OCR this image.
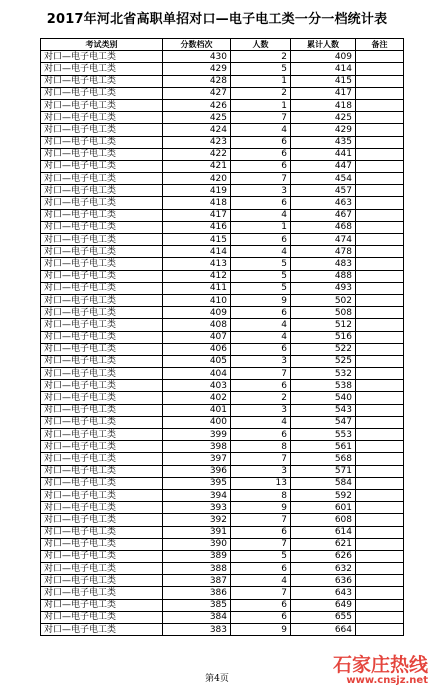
2017年河北省高职单招对口—电子电工类一分一档统计表
考试类别	分数档次	人数	累计人数	备注
对口—电子电工类	430	2	409	
对口—电子电工类	429	5	414	
对口—电子电工类	428	1	415	
对口—电子电工类	427	2	417	
对口—电子电工类	426	1	418	
对口—电子电工类	425	7	425	
对口—电子电工类	424	4	429	
对口—电子电工类	423	6	435	
对口—电子电工类	422	6	441	
对口—电子电工类	421	6	447	
对口—电子电工类	420	7	454	
对口—电子电工类	419	3	457	
对口—电子电工类	418	6	463	
对口—电子电工类	417	4	467	
对口—电子电工类	416	1	468	
对口—电子电工类	415	6	474	
对口—电子电工类	414	4	478	
对口—电子电工类	413	5	483	
对口—电子电工类	412	5	488	
对口—电子电工类	411	5	493	
对口—电子电工类	410	9	502	
对口—电子电工类	409	6	508	
对口—电子电工类	408	4	512	
对口—电子电工类	407	4	516	
对口—电子电工类	406	6	522	
对口—电子电工类	405	3	525	
对口—电子电工类	404	7	532	
对口—电子电工类	403	6	538	
对口—电子电工类	402	2	540	
对口—电子电工类	401	3	543	
对口—电子电工类	400	4	547	
对口—电子电工类	399	6	553	
对口—电子电工类	398	8	561	
对口—电子电工类	397	7	568	
对口—电子电工类	396	3	571	
对口—电子电工类	395	13	584	
对口—电子电工类	394	8	592	
对口—电子电工类	393	9	601	
对口—电子电工类	392	7	608	
对口—电子电工类	391	6	614	
对口—电子电工类	390	7	621	
对口—电子电工类	389	5	626	
对口—电子电工类	388	6	632	
对口—电子电工类	387	4	636	
对口—电子电工类	386	7	643	
对口—电子电工类	385	6	649	
对口—电子电工类	384	6	655	
对口—电子电工类	383	9	664	
第4页
石家庄热线
www.cnsjz.net
